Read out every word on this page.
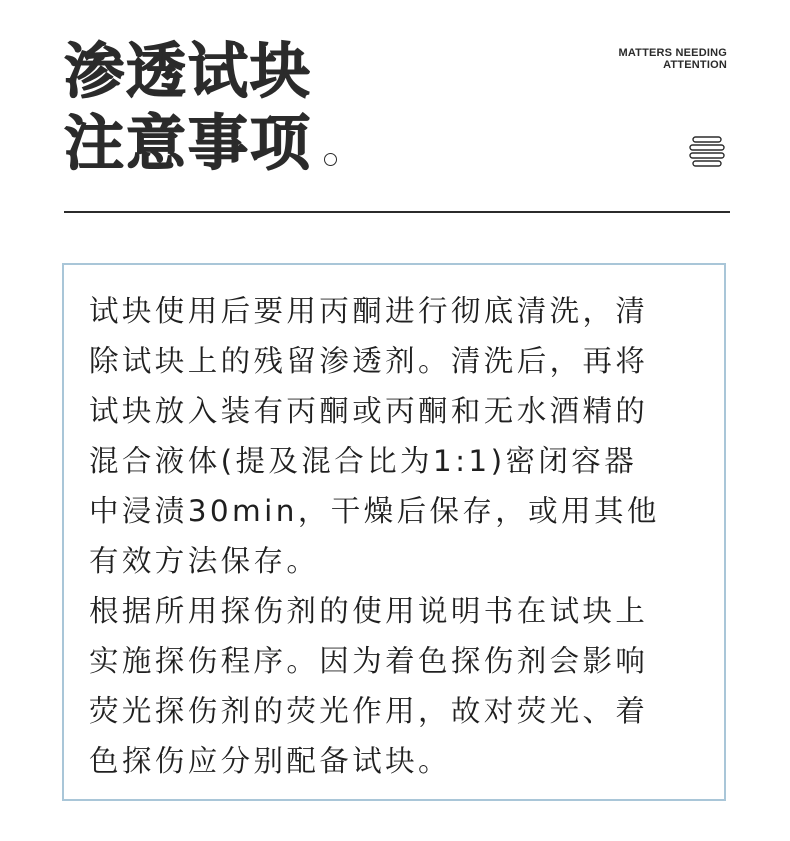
渗透试块
注意事项
MATTERS NEEDING
ATTENTION
试块使用后要用丙酮进行彻底清洗，清
除试块上的残留渗透剂。清洗后，再将
试块放入装有丙酮或丙酮和无水酒精的
混合液体(提及混合比为1:1)密闭容器
中浸渍30min，干燥后保存，或用其他
有效方法保存。
根据所用探伤剂的使用说明书在试块上
实施探伤程序。因为着色探伤剂会影响
荧光探伤剂的荧光作用，故对荧光、着
色探伤应分别配备试块。
